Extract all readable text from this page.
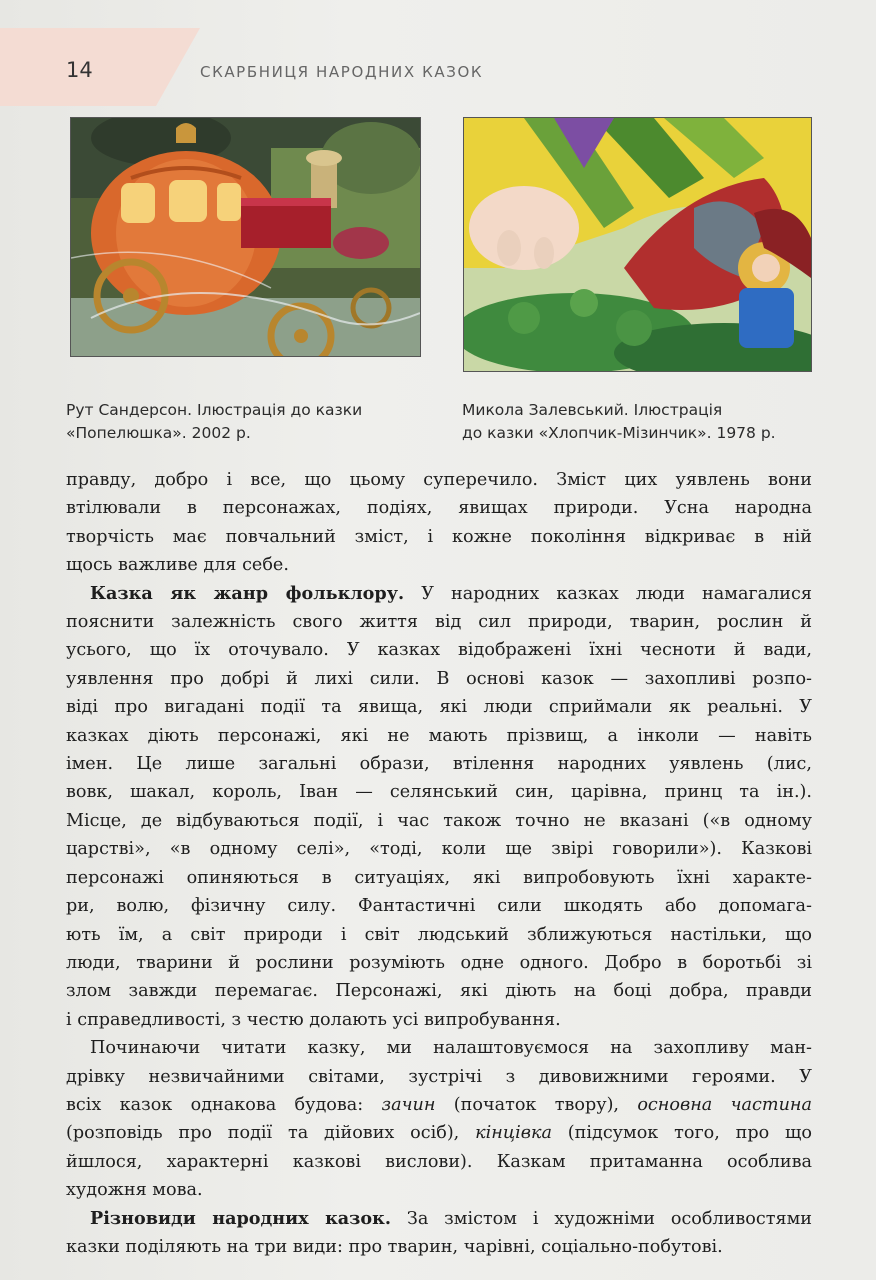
14	СКАРБНИЦЯ НАРОДНИХ КАЗОК
Рут Сандерсон. Ілюстрація до казки
«Попелюшка». 2002 р.
Микола Залевський. Ілюстрація
до казки «Хлопчик-Мізинчик». 1978 р.
правду, добро і все, що цьому суперечило. Зміст цих уявлень вони
втілювали в персонажах, подіях, явищах природи. Усна народна
творчість має повчальний зміст, і кожне покоління відкриває в ній
щось важливе для себе.
Казка як жанр фольклору. У народних казках люди намагалися
пояснити залежність свого життя від сил природи, тварин, рослин й
усього, що їх оточувало. У казках відображені їхні чесноти й вади,
уявлення про добрі й лихі сили. В основі казок — захопливі розпо-
віді про вигадані події та явища, які люди сприймали як реальні. У
казках діють персонажі, які не мають прізвищ, а інколи — навіть
імен. Це лише загальні образи, втілення народних уявлень (лис,
вовк, шакал, король, Іван — селянський син, царівна, принц та ін.).
Місце, де відбуваються події, і час також точно не вказані («в одному
царстві», «в одному селі», «тоді, коли ще звірі говорили»). Казкові
персонажі опиняються в ситуаціях, які випробовують їхні характе-
ри, волю, фізичну силу. Фантастичні сили шкодять або допомага-
ють їм, а світ природи і світ людський зближуються настільки, що
люди, тварини й рослини розуміють одне одного. Добро в боротьбі зі
злом завжди перемагає. Персонажі, які діють на боці добра, правди
і справедливості, з честю долають усі випробування.
Починаючи читати казку, ми налаштовуємося на захопливу ман-
дрівку незвичайними світами, зустрічі з дивовижними героями. У
всіх казок однакова будова: зачин (початок твору), основна частина
(розповідь про події та дійових осіб), кінцівка (підсумок того, про що
йшлося, характерні казкові вислови). Казкам притаманна особлива
художня мова.
Різновиди народних казок. За змістом і художніми особливостями
казки поділяють на три види: про тварин, чарівні, соціально-побутові.
